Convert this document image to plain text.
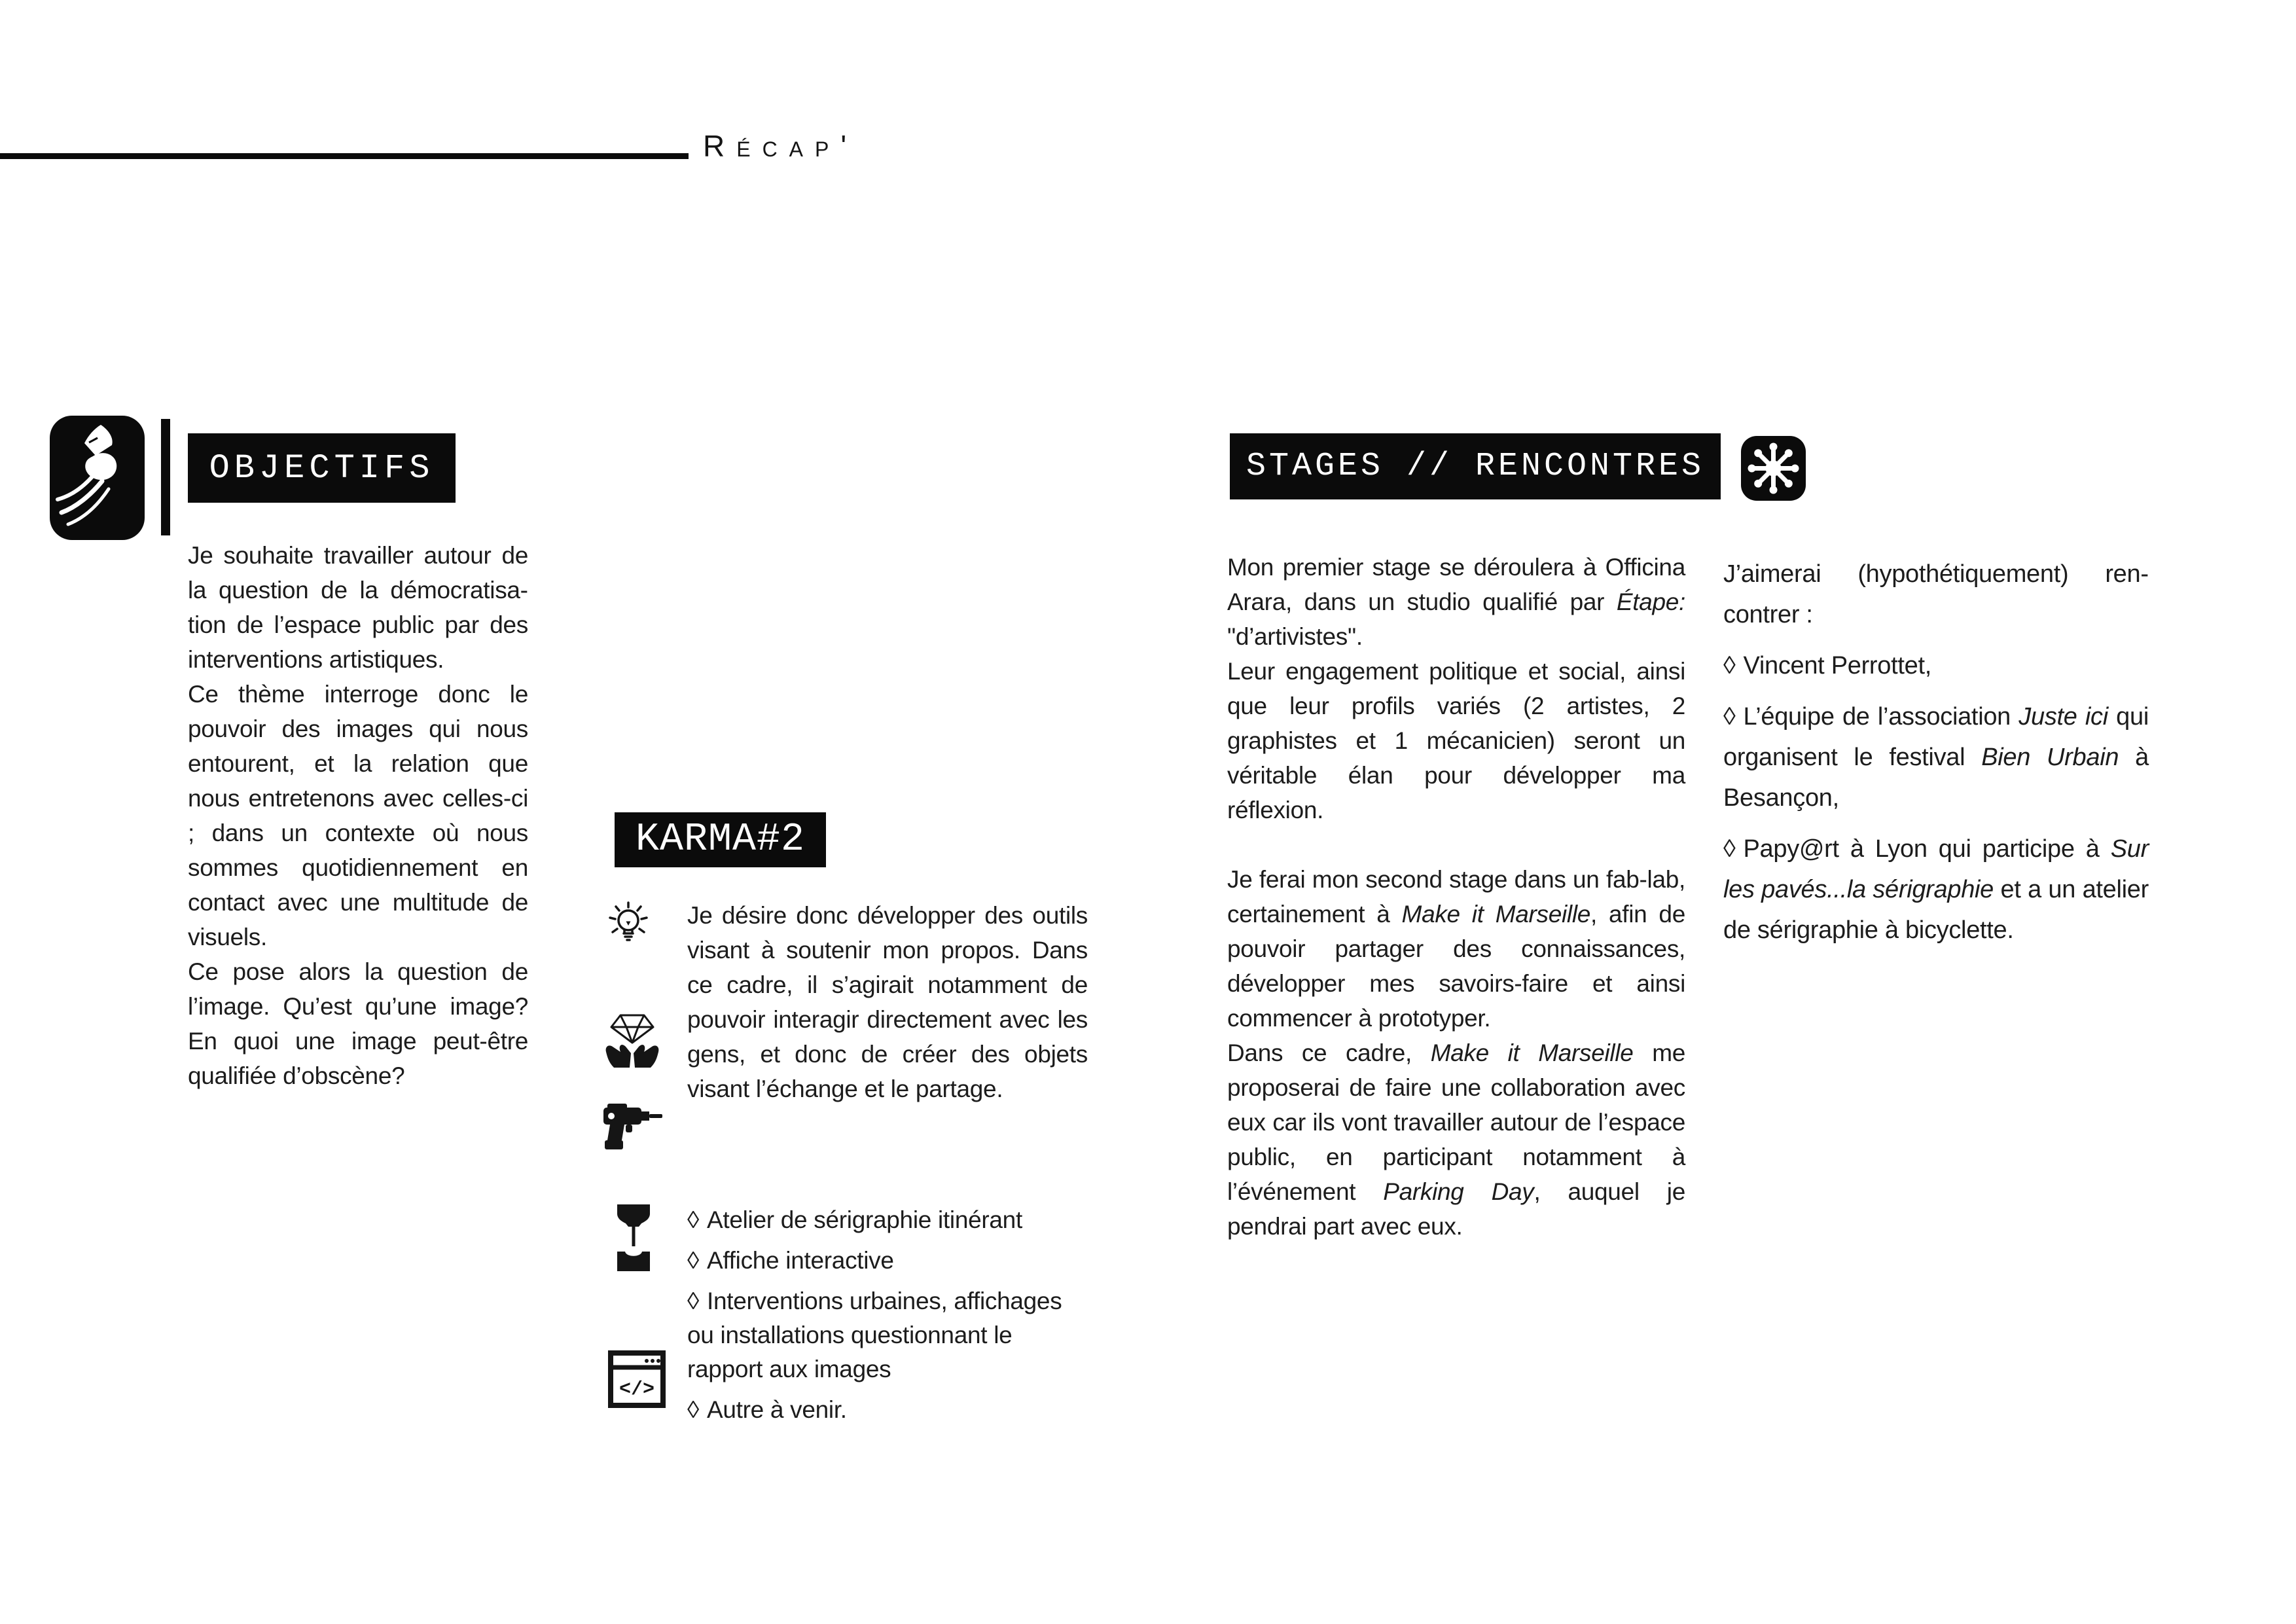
Récap'
OBJECTIFS

Je souhaite travailler autour de la question de la démocratisation de l’espace public par des interventions artistiques.

Ce thème interroge donc le pouvoir des images qui nous entourent, et la relation que nous entretenons avec celles-ci ; dans un contexte où nous sommes quotidiennement en contact avec une multitude de visuels.

Ce pose alors la question de l’image. Qu’est qu’une image? En quoi une image peut-être qualifiée d’obscène?

KARMA#2

Je désire donc développer des outils visant à soutenir mon propos. Dans ce cadre, il s’agirait notamment de pouvoir interagir directement avec les gens, et donc de créer des objets visant l’échange et le partage.

</>
◊ Atelier de sérigraphie itinérant
◊ Affiche interactive
◊ Interventions urbaines, affichages ou installations questionnant le rapport aux images
◊ Autre à venir.
STAGES // RENCONTRES

Mon premier stage se déroulera à Officina Arara, dans un studio qualifié par Étape: "d’artivistes".

Leur engagement politique et social, ainsi que leur profils variés (2 artistes, 2 graphistes et 1 mécanicien) seront un véritable élan pour développer ma réflexion.

Je ferai mon second stage dans un fab-lab, certainement à Make it Marseille, afin de pouvoir partager des connaissances, développer mes savoirs-faire et ainsi commencer à prototyper.

Dans ce cadre, Make it Marseille me proposerai de faire une collaboration avec eux car ils vont travailler autour de l’espace public, en participant notamment à l’événement Parking Day, auquel je pendrai part avec eux.

J’aimerai (hypothétiquement) rencontrer :

◊ Vincent Perrottet,
◊ L’équipe de l’association Juste ici qui organisent le festival Bien Urbain à Besançon,
◊ Papy@rt à Lyon qui participe à Sur les pavés...la sérigraphie et a un atelier de sérigraphie à bicyclette.
